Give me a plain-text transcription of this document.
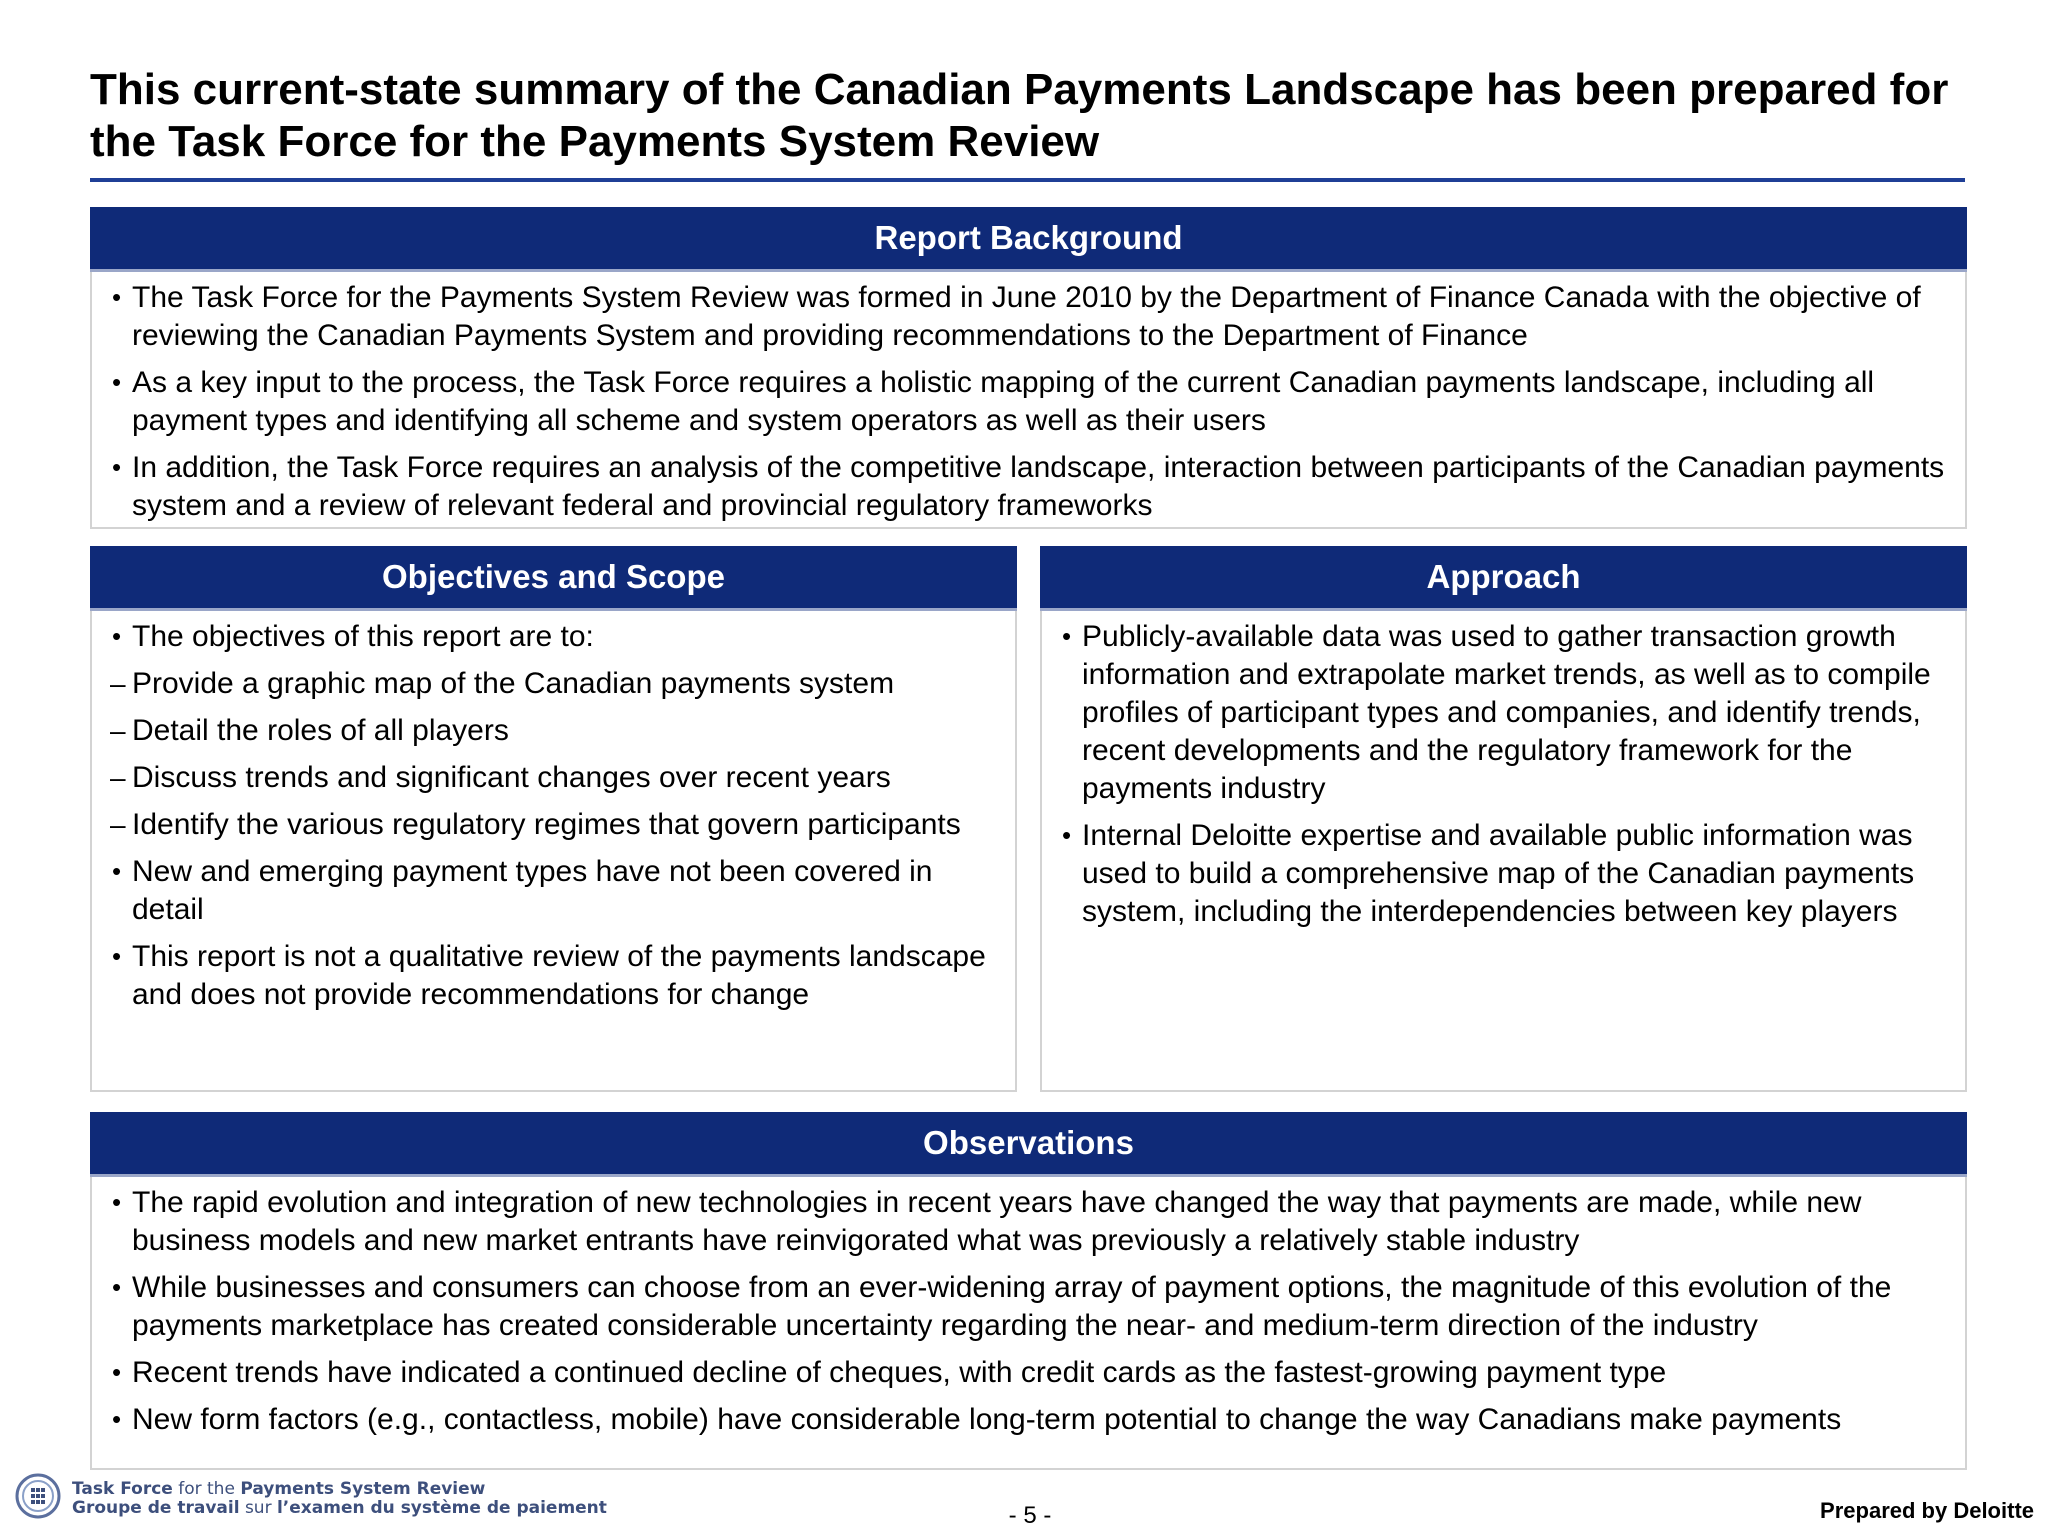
This current-state summary of the Canadian Payments Landscape has been prepared for the Task Force for the Payments System Review
Report Background
• The Task Force for the Payments System Review was formed in June 2010 by the Department of Finance Canada with the objective of reviewing the Canadian Payments System and providing recommendations to the Department of Finance
• As a key input to the process, the Task Force requires a holistic mapping of the current Canadian payments landscape, including all payment types and identifying all scheme and system operators as well as their users
• In addition, the Task Force requires an analysis of the competitive landscape, interaction between participants of the Canadian payments system and a review of relevant federal and provincial regulatory frameworks
Objectives and Scope
• The objectives of this report are to:
– Provide a graphic map of the Canadian payments system
– Detail the roles of all players
– Discuss trends and significant changes over recent years
– Identify the various regulatory regimes that govern participants
• New and emerging payment types have not been covered in detail
• This report is not a qualitative review of the payments landscape and does not provide recommendations for change
Approach
• Publicly-available data was used to gather transaction growth information and extrapolate market trends, as well as to compile profiles of participant types and companies, and identify trends, recent developments and the regulatory framework for the payments industry
• Internal Deloitte expertise and available public information was used to build a comprehensive map of the Canadian payments system, including the interdependencies between key players
Observations
• The rapid evolution and integration of new technologies in recent years have changed the way that payments are made, while new business models and new market entrants have reinvigorated what was previously a relatively stable industry
• While businesses and consumers can choose from an ever-widening array of payment options, the magnitude of this evolution of the payments marketplace has created considerable uncertainty regarding the near- and medium-term direction of the industry
• Recent trends have indicated a continued decline of cheques, with credit cards as the fastest-growing payment type
• New form factors (e.g., contactless, mobile) have considerable long-term potential to change the way Canadians make payments
Task Force for the Payments System Review
Groupe de travail sur l’examen du système de paiement	- 5 -	Prepared by Deloitte
